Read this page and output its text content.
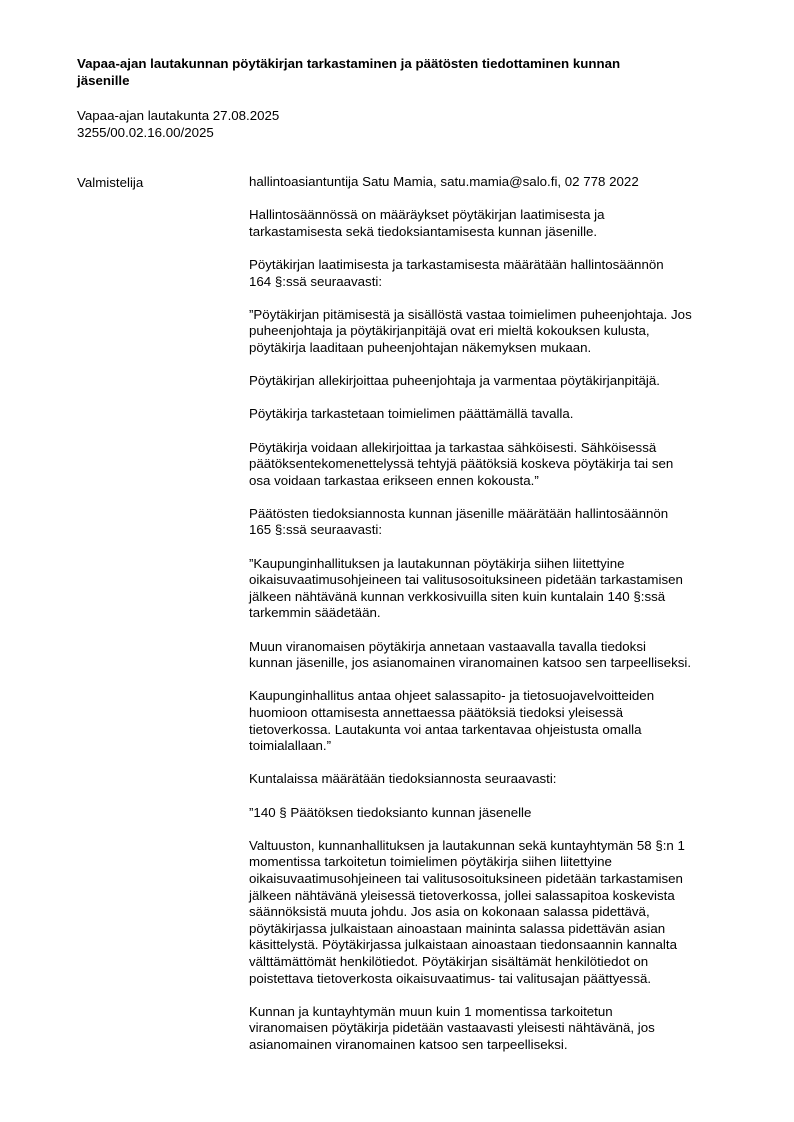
Vapaa-ajan lautakunnan pöytäkirjan tarkastaminen ja päätösten tiedottaminen kunnan
jäsenille
Vapaa-ajan lautakunta 27.08.2025
3255/00.02.16.00/2025
Valmistelija	hallintoasiantuntija Satu Mamia, satu.mamia@salo.fi, 02 778 2022

Hallintosäännössä on määräykset pöytäkirjan laatimisesta ja
tarkastamisesta sekä tiedoksiantamisesta kunnan jäsenille.

Pöytäkirjan laatimisesta ja tarkastamisesta määrätään hallintosäännön
164 §:ssä seuraavasti:

”Pöytäkirjan pitämisestä ja sisällöstä vastaa toimielimen puheenjohtaja. Jos
puheenjohtaja ja pöytäkirjanpitäjä ovat eri mieltä kokouksen kulusta,
pöytäkirja laaditaan puheenjohtajan näkemyksen mukaan.

Pöytäkirjan allekirjoittaa puheenjohtaja ja varmentaa pöytäkirjanpitäjä.

Pöytäkirja tarkastetaan toimielimen päättämällä tavalla.

Pöytäkirja voidaan allekirjoittaa ja tarkastaa sähköisesti. Sähköisessä
päätöksentekomenettelyssä tehtyjä päätöksiä koskeva pöytäkirja tai sen
osa voidaan tarkastaa erikseen ennen kokousta.”

Päätösten tiedoksiannosta kunnan jäsenille määrätään hallintosäännön
165 §:ssä seuraavasti:

”Kaupunginhallituksen ja lautakunnan pöytäkirja siihen liitettyine
oikaisuvaatimusohjeineen tai valitusosoituksineen pidetään tarkastamisen
jälkeen nähtävänä kunnan verkkosivuilla siten kuin kuntalain 140 §:ssä
tarkemmin säädetään.

Muun viranomaisen pöytäkirja annetaan vastaavalla tavalla tiedoksi
kunnan jäsenille, jos asianomainen viranomainen katsoo sen tarpeelliseksi.

Kaupunginhallitus antaa ohjeet salassapito- ja tietosuojavelvoitteiden
huomioon ottamisesta annettaessa päätöksiä tiedoksi yleisessä
tietoverkossa. Lautakunta voi antaa tarkentavaa ohjeistusta omalla
toimialallaan.”

Kuntalaissa määrätään tiedoksiannosta seuraavasti:

”140 § Päätöksen tiedoksianto kunnan jäsenelle

Valtuuston, kunnanhallituksen ja lautakunnan sekä kuntayhtymän 58 §:n 1
momentissa tarkoitetun toimielimen pöytäkirja siihen liitettyine
oikaisuvaatimusohjeineen tai valitusosoituksineen pidetään tarkastamisen
jälkeen nähtävänä yleisessä tietoverkossa, jollei salassapitoa koskevista
säännöksistä muuta johdu. Jos asia on kokonaan salassa pidettävä,
pöytäkirjassa julkaistaan ainoastaan maininta salassa pidettävän asian
käsittelystä. Pöytäkirjassa julkaistaan ainoastaan tiedonsaannin kannalta
välttämättömät henkilötiedot. Pöytäkirjan sisältämät henkilötiedot on
poistettava tietoverkosta oikaisuvaatimus- tai valitusajan päättyessä.

Kunnan ja kuntayhtymän muun kuin 1 momentissa tarkoitetun
viranomaisen pöytäkirja pidetään vastaavasti yleisesti nähtävänä, jos
asianomainen viranomainen katsoo sen tarpeelliseksi.
